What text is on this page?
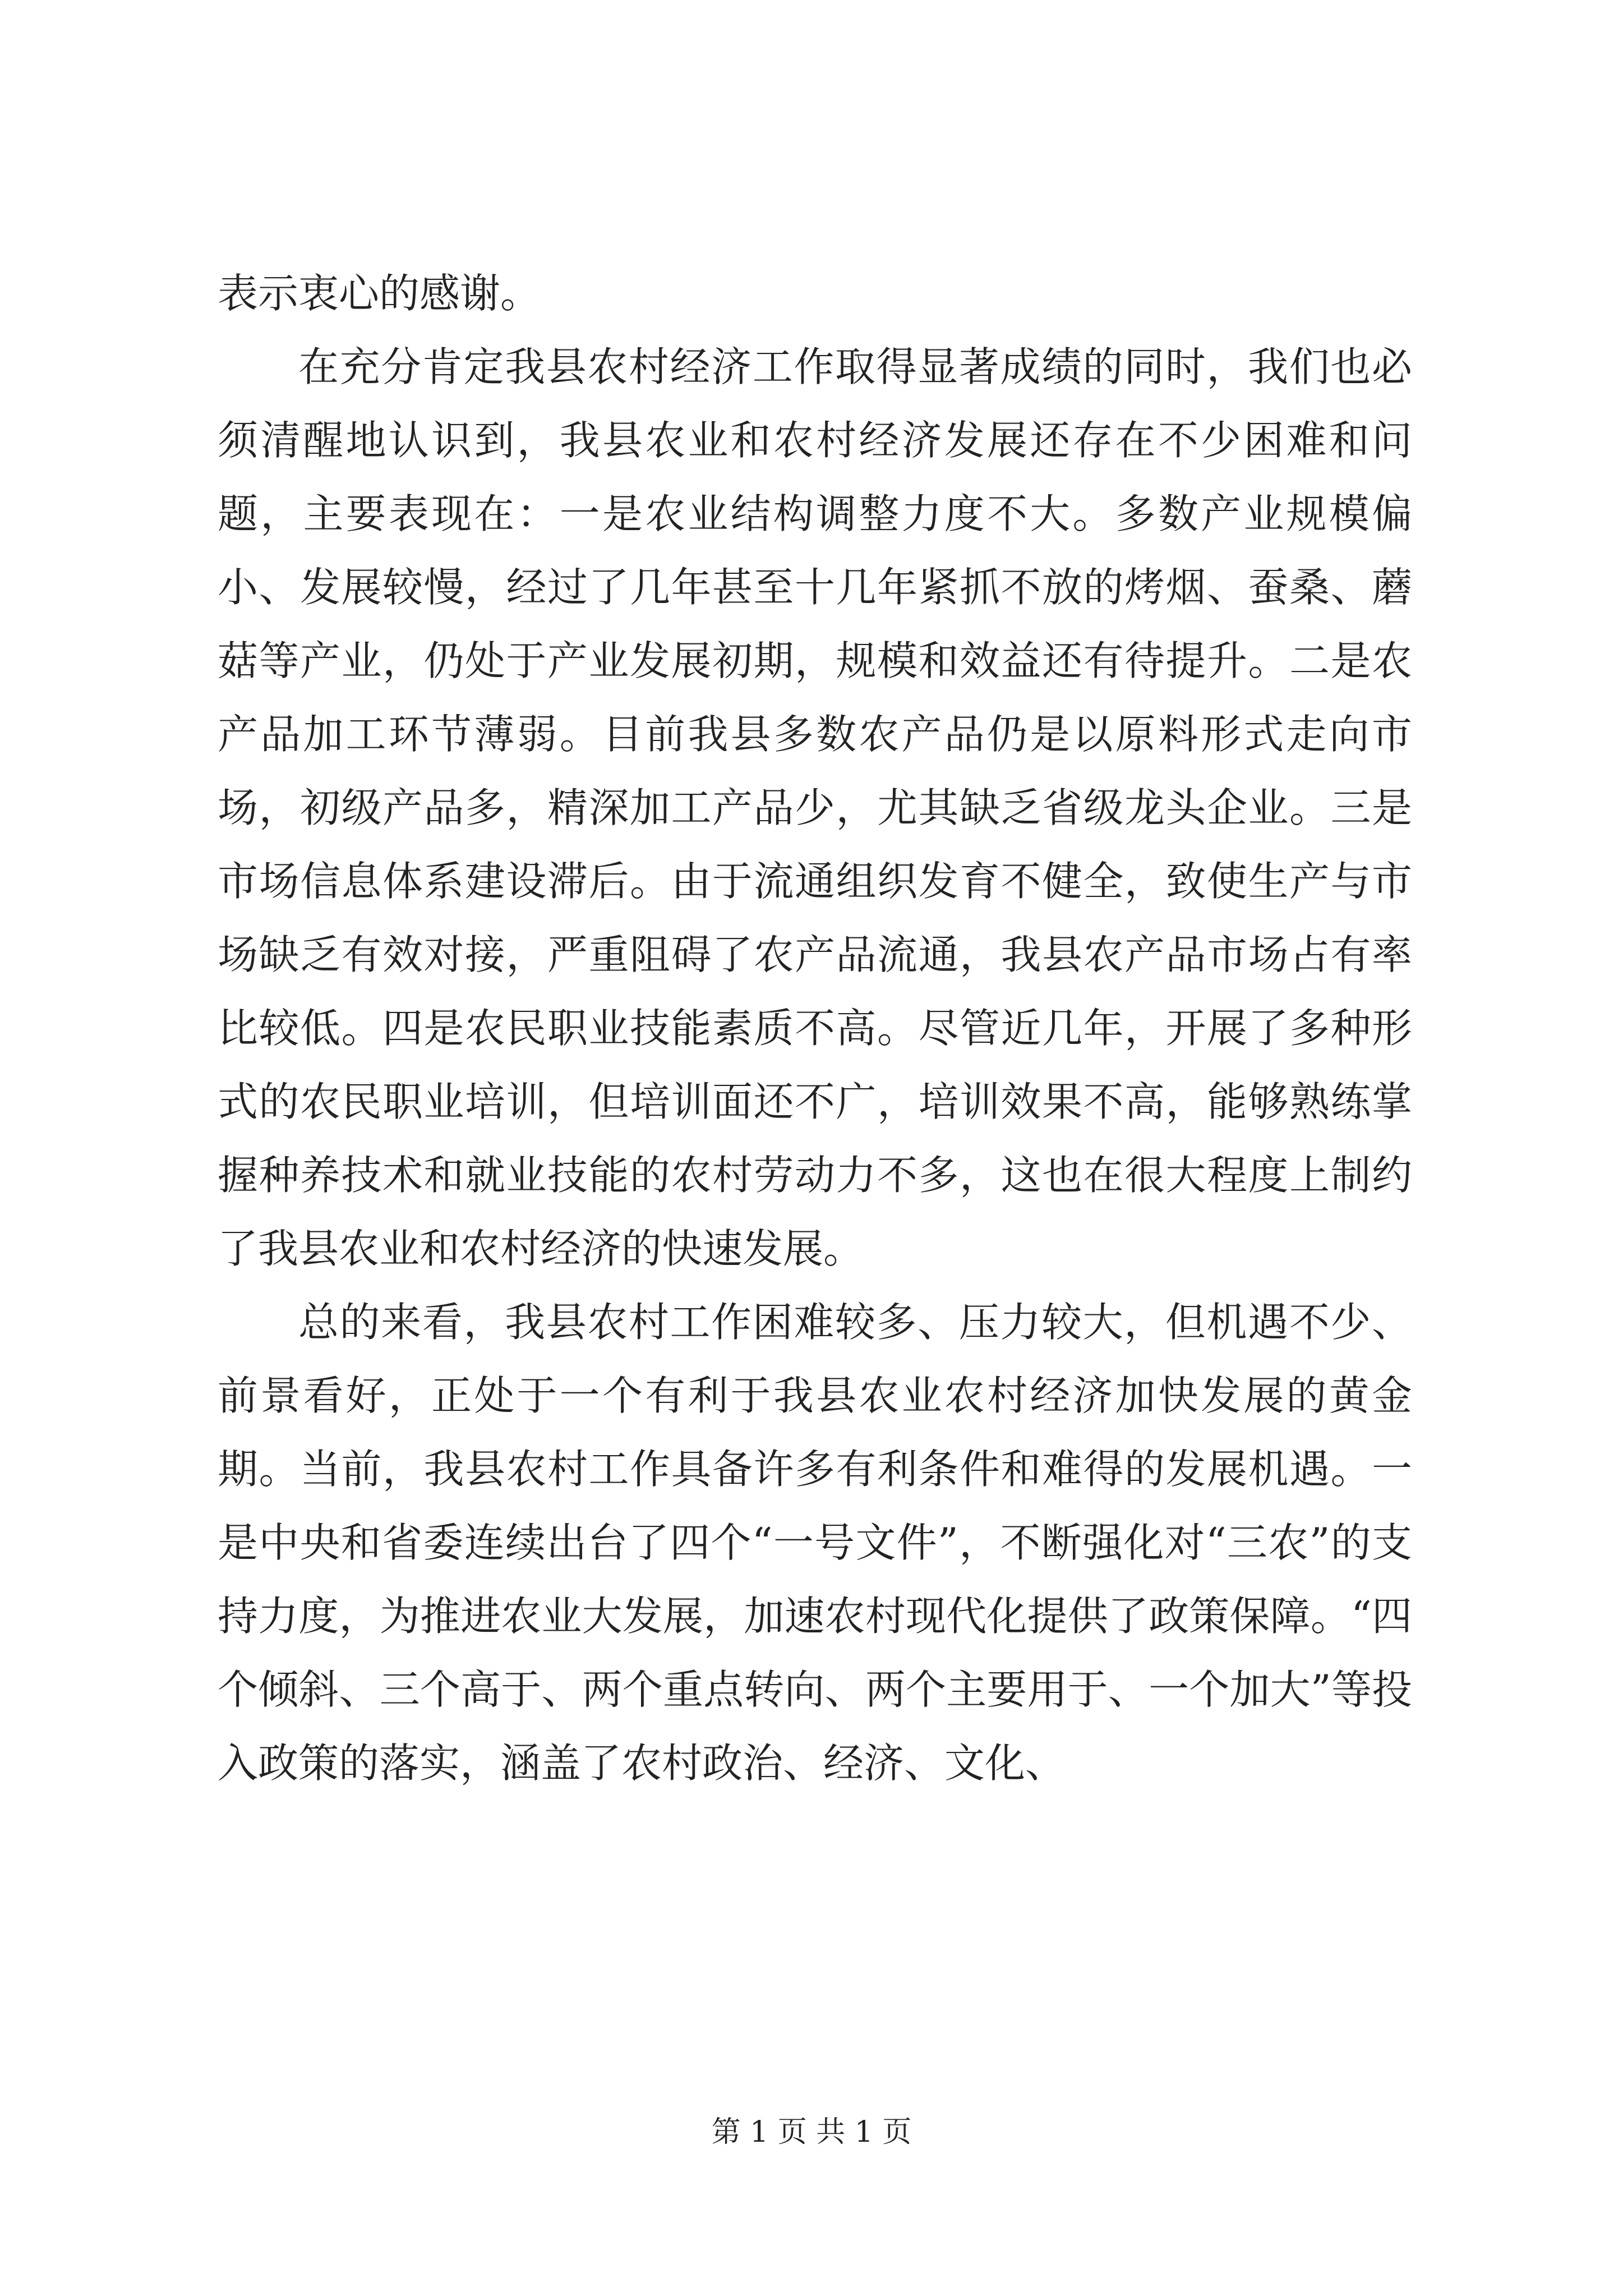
表示衷心的感谢。

在充分肯定我县农村经济工作取得显著成绩的同时，我们也必须清醒地认识到，我县农业和农村经济发展还存在不少困难和问题，主要表现在：一是农业结构调整力度不大。多数产业规模偏小、发展较慢，经过了几年甚至十几年紧抓不放的烤烟、蚕桑、蘑菇等产业，仍处于产业发展初期，规模和效益还有待提升。二是农产品加工环节薄弱。目前我县多数农产品仍是以原料形式走向市场，初级产品多，精深加工产品少，尤其缺乏省级龙头企业。三是市场信息体系建设滞后。由于流通组织发育不健全，致使生产与市场缺乏有效对接，严重阻碍了农产品流通，我县农产品市场占有率比较低。四是农民职业技能素质不高。尽管近几年，开展了多种形式的农民职业培训，但培训面还不广，培训效果不高，能够熟练掌握种养技术和就业技能的农村劳动力不多，这也在很大程度上制约了我县农业和农村经济的快速发展。

总的来看，我县农村工作困难较多、压力较大，但机遇不少、前景看好，正处于一个有利于我县农业农村经济加快发展的黄金期。当前，我县农村工作具备许多有利条件和难得的发展机遇。一是中央和省委连续出台了四个“一号文件”，不断强化对“三农”的支持力度，为推进农业大发展，加速农村现代化提供了政策保障。“四个倾斜、三个高于、两个重点转向、两个主要用于、一个加大”等投入政策的落实，涵盖了农村政治、经济、文化、

第 1 页 共 1 页
